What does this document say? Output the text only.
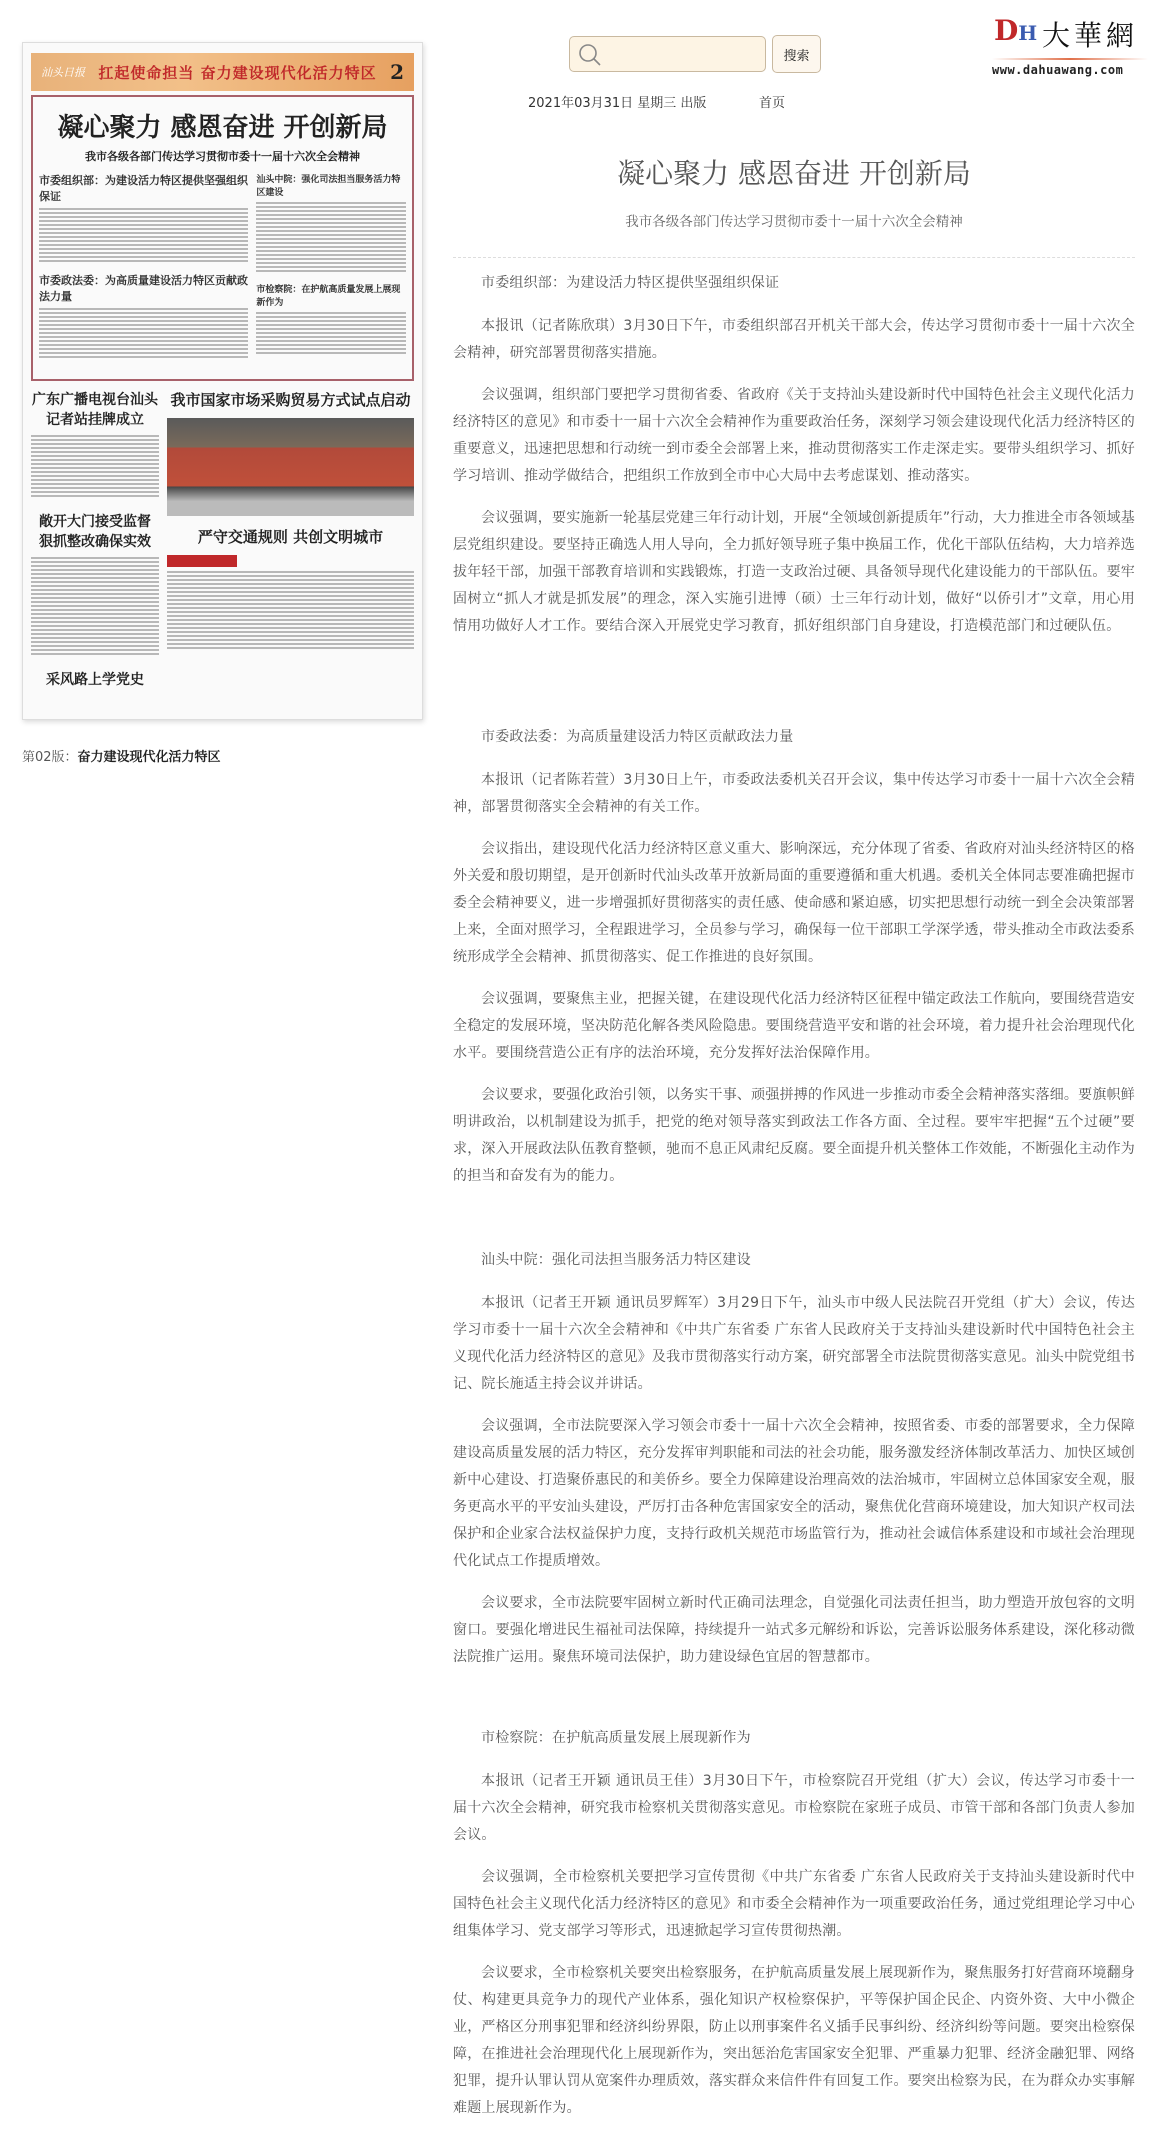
汕头日报 扛起使命担当 奋力建设现代化活力特区 2
凝心聚力 感恩奋进 开创新局
我市各级各部门传达学习贯彻市委十一届十六次全会精神
市委组织部：为建设活力特区提供坚强组织保证
市委政法委：为高质量建设活力特区贡献政法力量
汕头中院：强化司法担当服务活力特区建设
市检察院：在护航高质量发展上展现新作为
广东广播电视台汕头记者站挂牌成立
敞开大门接受监督 狠抓整改确保实效
采风路上学党史
我市国家市场采购贸易方式试点启动
严守交通规则 共创文明城市
第02版：奋力建设现代化活力特区
搜索
DH 大華網
www.dahuawang.com
2021年03月31日 星期三 出版	首页
凝心聚力 感恩奋进 开创新局
我市各级各部门传达学习贯彻市委十一届十六次全会精神
市委组织部：为建设活力特区提供坚强组织保证

本报讯（记者陈欣琪）3月30日下午，市委组织部召开机关干部大会，传达学习贯彻市委十一届十六次全会精神，研究部署贯彻落实措施。

会议强调，组织部门要把学习贯彻省委、省政府《关于支持汕头建设新时代中国特色社会主义现代化活力经济特区的意见》和市委十一届十六次全会精神作为重要政治任务，深刻学习领会建设现代化活力经济特区的重要意义，迅速把思想和行动统一到市委全会部署上来，推动贯彻落实工作走深走实。要带头组织学习、抓好学习培训、推动学做结合，把组织工作放到全市中心大局中去考虑谋划、推动落实。

会议强调，要实施新一轮基层党建三年行动计划，开展“全领域创新提质年”行动，大力推进全市各领域基层党组织建设。要坚持正确选人用人导向，全力抓好领导班子集中换届工作，优化干部队伍结构，大力培养选拔年轻干部，加强干部教育培训和实践锻炼，打造一支政治过硬、具备领导现代化建设能力的干部队伍。要牢固树立“抓人才就是抓发展”的理念，深入实施引进博（硕）士三年行动计划，做好“以侨引才”文章，用心用情用功做好人才工作。要结合深入开展党史学习教育，抓好组织部门自身建设，打造模范部门和过硬队伍。

市委政法委：为高质量建设活力特区贡献政法力量

本报讯（记者陈若萱）3月30日上午，市委政法委机关召开会议，集中传达学习市委十一届十六次全会精神，部署贯彻落实全会精神的有关工作。

会议指出，建设现代化活力经济特区意义重大、影响深远，充分体现了省委、省政府对汕头经济特区的格外关爱和殷切期望，是开创新时代汕头改革开放新局面的重要遵循和重大机遇。委机关全体同志要准确把握市委全会精神要义，进一步增强抓好贯彻落实的责任感、使命感和紧迫感，切实把思想行动统一到全会决策部署上来，全面对照学习，全程跟进学习，全员参与学习，确保每一位干部职工学深学透，带头推动全市政法委系统形成学全会精神、抓贯彻落实、促工作推进的良好氛围。

会议强调，要聚焦主业，把握关键，在建设现代化活力经济特区征程中锚定政法工作航向，要围绕营造安全稳定的发展环境，坚决防范化解各类风险隐患。要围绕营造平安和谐的社会环境，着力提升社会治理现代化水平。要围绕营造公正有序的法治环境，充分发挥好法治保障作用。

会议要求，要强化政治引领，以务实干事、顽强拼搏的作风进一步推动市委全会精神落实落细。要旗帜鲜明讲政治，以机制建设为抓手，把党的绝对领导落实到政法工作各方面、全过程。要牢牢把握“五个过硬”要求，深入开展政法队伍教育整顿，驰而不息正风肃纪反腐。要全面提升机关整体工作效能，不断强化主动作为的担当和奋发有为的能力。

汕头中院：强化司法担当服务活力特区建设

本报讯（记者王开颖 通讯员罗辉军）3月29日下午，汕头市中级人民法院召开党组（扩大）会议，传达学习市委十一届十六次全会精神和《中共广东省委 广东省人民政府关于支持汕头建设新时代中国特色社会主义现代化活力经济特区的意见》及我市贯彻落实行动方案，研究部署全市法院贯彻落实意见。汕头中院党组书记、院长施适主持会议并讲话。

会议强调，全市法院要深入学习领会市委十一届十六次全会精神，按照省委、市委的部署要求，全力保障建设高质量发展的活力特区，充分发挥审判职能和司法的社会功能，服务激发经济体制改革活力、加快区域创新中心建设、打造聚侨惠民的和美侨乡。要全力保障建设治理高效的法治城市，牢固树立总体国家安全观，服务更高水平的平安汕头建设，严厉打击各种危害国家安全的活动，聚焦优化营商环境建设，加大知识产权司法保护和企业家合法权益保护力度，支持行政机关规范市场监管行为，推动社会诚信体系建设和市域社会治理现代化试点工作提质增效。

会议要求，全市法院要牢固树立新时代正确司法理念，自觉强化司法责任担当，助力塑造开放包容的文明窗口。要强化增进民生福祉司法保障，持续提升一站式多元解纷和诉讼，完善诉讼服务体系建设，深化移动微法院推广运用。聚焦环境司法保护，助力建设绿色宜居的智慧都市。

市检察院：在护航高质量发展上展现新作为

本报讯（记者王开颖 通讯员王佳）3月30日下午，市检察院召开党组（扩大）会议，传达学习市委十一届十六次全会精神，研究我市检察机关贯彻落实意见。市检察院在家班子成员、市管干部和各部门负责人参加会议。

会议强调，全市检察机关要把学习宣传贯彻《中共广东省委 广东省人民政府关于支持汕头建设新时代中国特色社会主义现代化活力经济特区的意见》和市委全会精神作为一项重要政治任务，通过党组理论学习中心组集体学习、党支部学习等形式，迅速掀起学习宣传贯彻热潮。

会议要求，全市检察机关要突出检察服务，在护航高质量发展上展现新作为，聚焦服务打好营商环境翻身仗、构建更具竞争力的现代产业体系，强化知识产权检察保护，平等保护国企民企、内资外资、大中小微企业，严格区分刑事犯罪和经济纠纷界限，防止以刑事案件名义插手民事纠纷、经济纠纷等问题。要突出检察保障，在推进社会治理现代化上展现新作为，突出惩治危害国家安全犯罪、严重暴力犯罪、经济金融犯罪、网络犯罪，提升认罪认罚从宽案件办理质效，落实群众来信件件有回复工作。要突出检察为民，在为群众办实事解难题上展现新作为。
